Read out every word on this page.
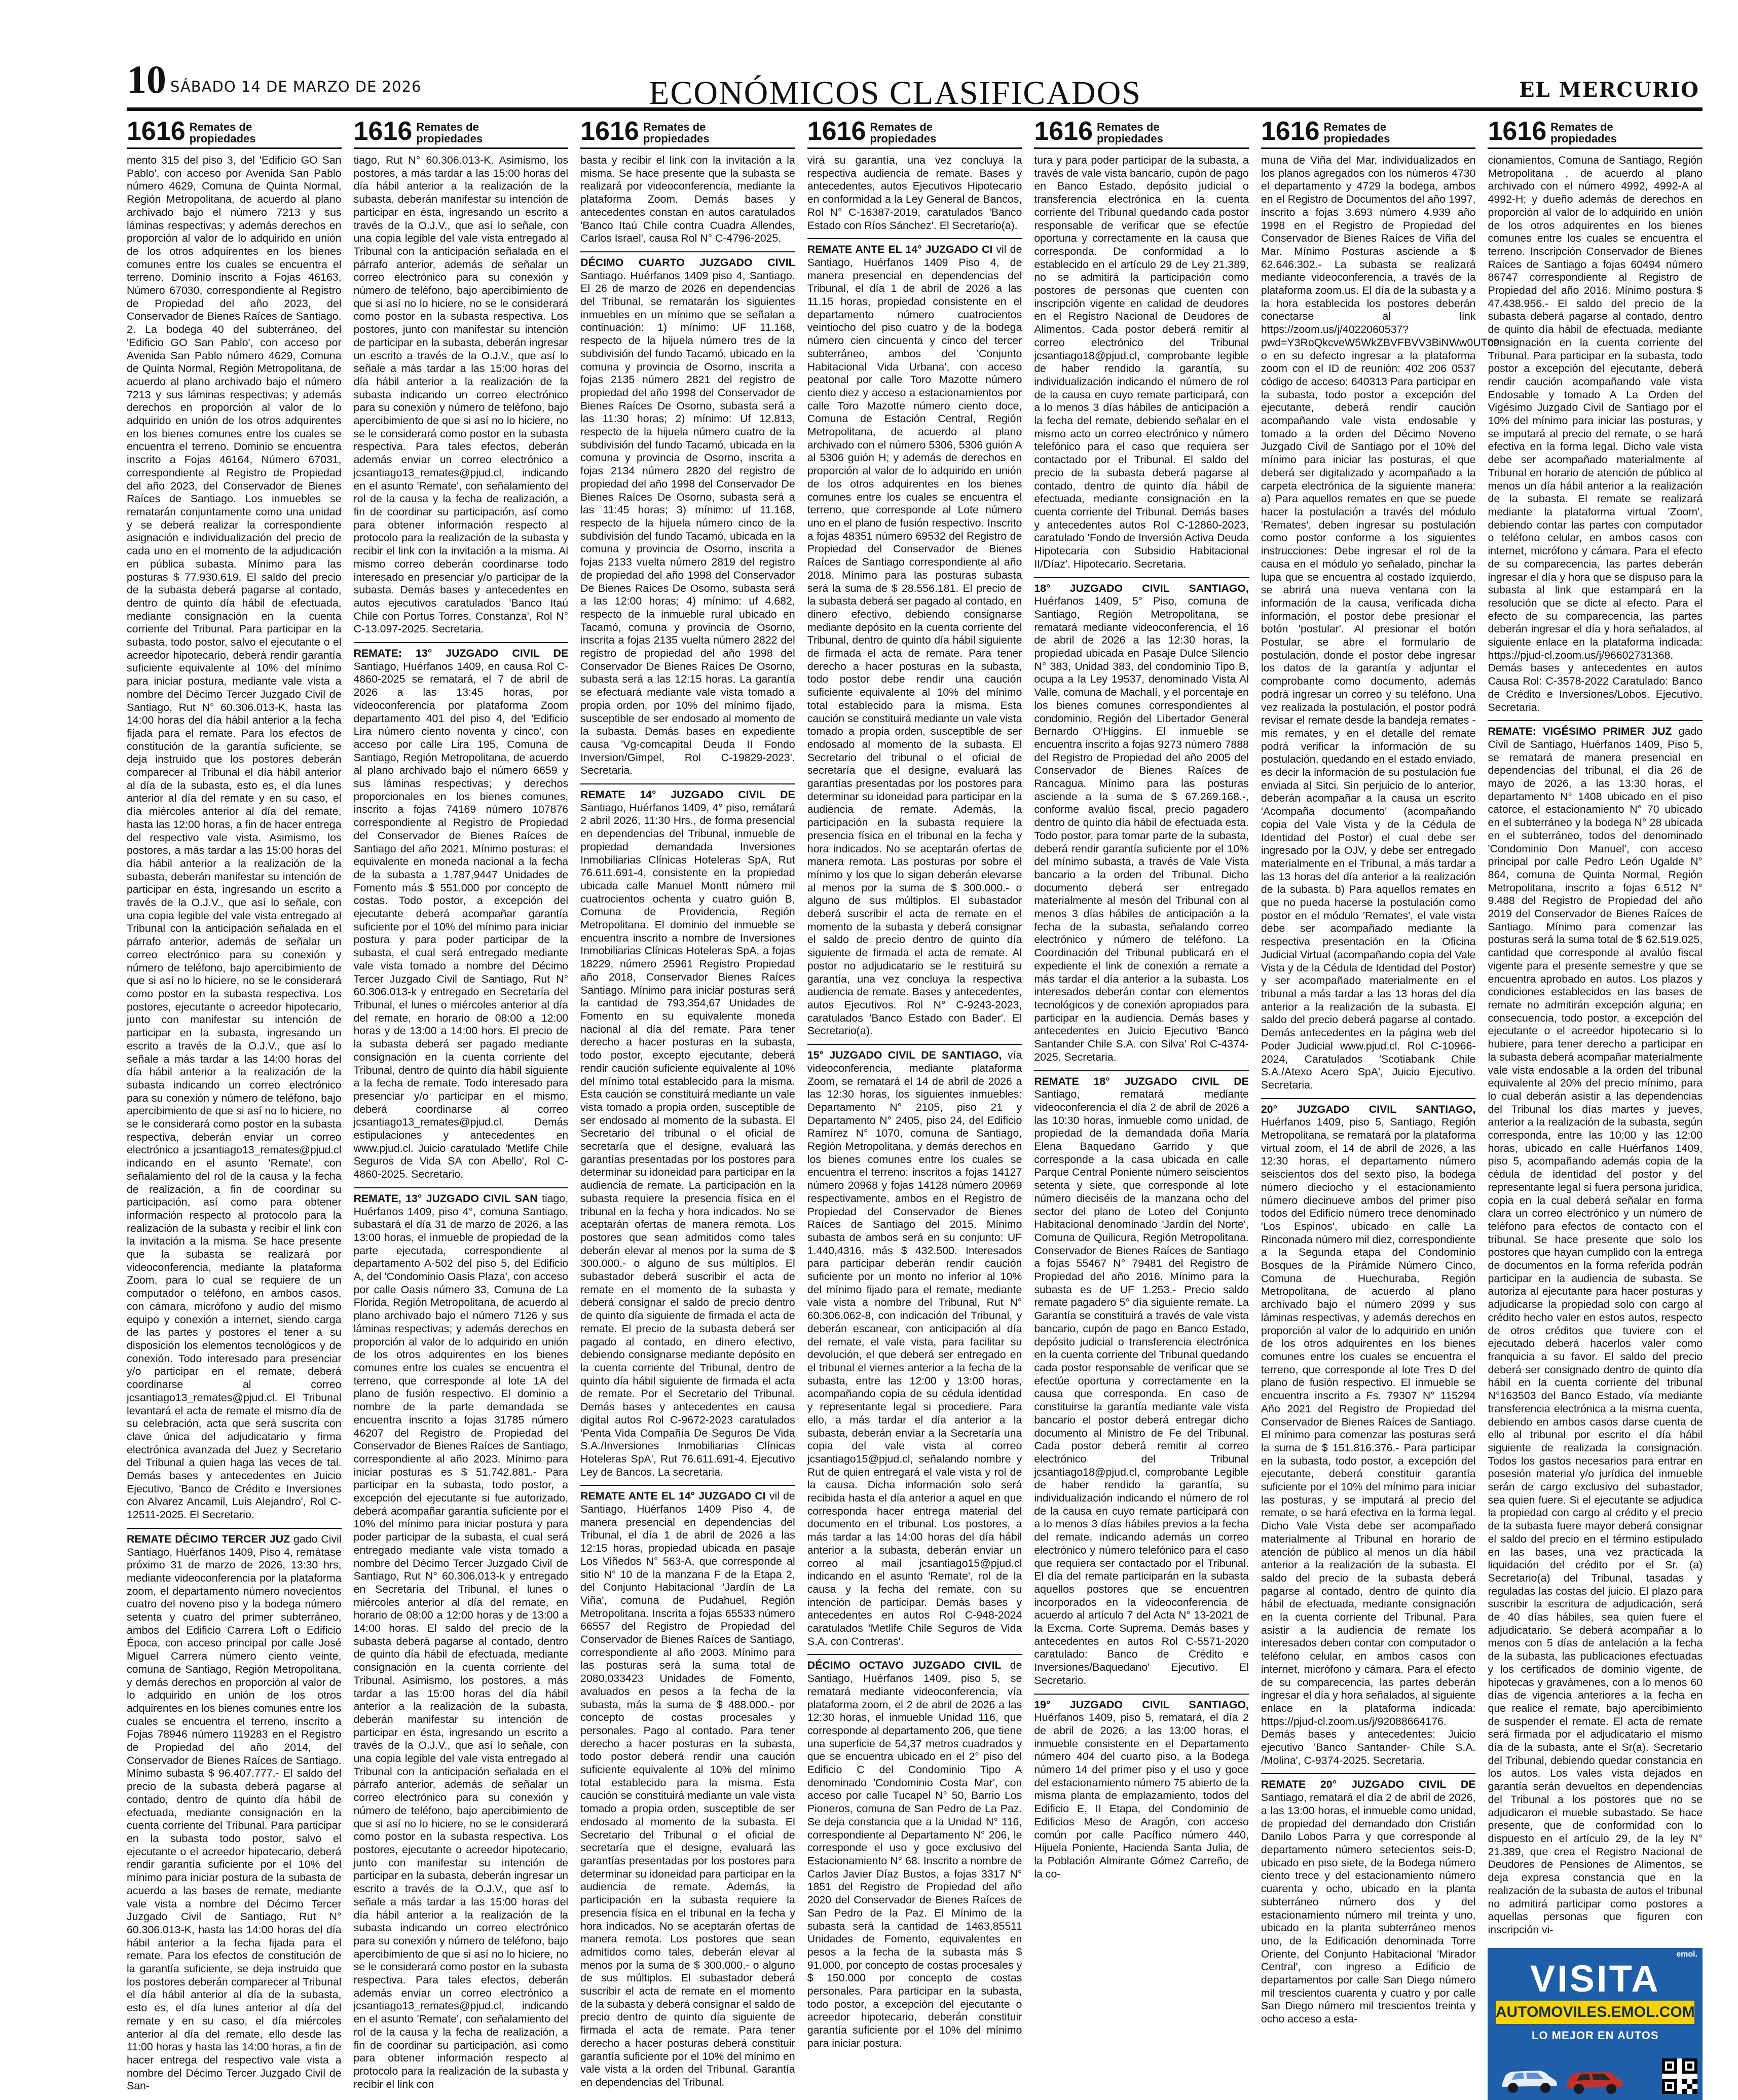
10 SÁBADO 14 DE MARZO DE 2026	ECONÓMICOS CLASIFICADOS	EL MERCURIO
1616 Remates de propiedades

mento 315 del piso 3, del 'Edificio GO San Pablo', con acceso por Avenida San Pablo número 4629, Comuna de Quinta Normal, Región Metropolitana, de acuerdo al plano archivado bajo el número 7213 y sus láminas respectivas; y además derechos en proporción al valor de lo adquirido en unión de los otros adquirentes en los bienes comunes entre los cuales se encuentra el terreno. Dominio inscrito a Fojas 46163, Número 67030, correspondiente al Registro de Propiedad del año 2023, del Conservador de Bienes Raíces de Santiago. 2. La bodega 40 del subterráneo, del 'Edificio GO San Pablo', con acceso por Avenida San Pablo número 4629, Comuna de Quinta Normal, Región Metropolitana, de acuerdo al plano archivado bajo el número 7213 y sus láminas respectivas; y además derechos en proporción al valor de lo adquirido en unión de los otros adquirentes en los bienes comunes entre los cuales se encuentra el terreno. Dominio se encuentra inscrito a Fojas 46164, Número 67031, correspondiente al Registro de Propiedad del año 2023, del Conservador de Bienes Raíces de Santiago. Los inmuebles se rematarán conjuntamente como una unidad y se deberá realizar la correspondiente asignación e individualización del precio de cada uno en el momento de la adjudicación en pública subasta. Mínimo para las posturas $ 77.930.619. El saldo del precio de la subasta deberá pagarse al contado, dentro de quinto día hábil de efectuada, mediante consignación en la cuenta corriente del Tribunal. Para participar en la subasta, todo postor, salvo el ejecutante o el acreedor hipotecario, deberá rendir garantía suficiente equivalente al 10% del mínimo para iniciar postura, mediante vale vista a nombre del Décimo Tercer Juzgado Civil de Santiago, Rut N° 60.306.013-K, hasta las 14:00 horas del día hábil anterior a la fecha fijada para el remate. Para los efectos de constitución de la garantía suficiente, se deja instruido que los postores deberán comparecer al Tribunal el día hábil anterior al día de la subasta, esto es, el día lunes anterior al día del remate y en su caso, el día miércoles anterior al día del remate, hasta las 12:00 horas, a fin de hacer entrega del respectivo vale vista. Asimismo, los postores, a más tardar a las 15:00 horas del día hábil anterior a la realización de la subasta, deberán manifestar su intención de participar en ésta, ingresando un escrito a través de la O.J.V., que así lo señale, con una copia legible del vale vista entregado al Tribunal con la anticipación señalada en el párrafo anterior, además de señalar un correo electrónico para su conexión y número de teléfono, bajo apercibimiento de que si así no lo hiciere, no se le considerará como postor en la subasta respectiva. Los postores, ejecutante o acreedor hipotecario, junto con manifestar su intención de participar en la subasta, ingresando un escrito a través de la O.J.V., que así lo señale a más tardar a las 14:00 horas del día hábil anterior a la realización de la subasta indicando un correo electrónico para su conexión y número de teléfono, bajo apercibimiento de que si así no lo hiciere, no se le considerará como postor en la subasta respectiva, deberán enviar un correo electrónico a jcsantiago13_remates@pjud.cl indicando en el asunto 'Remate', con señalamiento del rol de la causa y la fecha de realización, a fin de coordinar su participación, así como para obtener información respecto al protocolo para la realización de la subasta y recibir el link con la invitación a la misma. Se hace presente que la subasta se realizará por videoconferencia, mediante la plataforma Zoom, para lo cual se requiere de un computador o teléfono, en ambos casos, con cámara, micrófono y audio del mismo equipo y conexión a internet, siendo carga de las partes y postores el tener a su disposición los elementos tecnológicos y de conexión. Todo interesado para presenciar y/o participar en el remate, deberá coordinarse al correo jcsantiago13_remates@pjud.cl. El Tribunal levantará el acta de remate el mismo día de su celebración, acta que será suscrita con clave única del adjudicatario y firma electrónica avanzada del Juez y Secretario del Tribunal a quien haga las veces de tal. Demás bases y antecedentes en Juicio Ejecutivo, 'Banco de Crédito e Inversiones con Alvarez Ancamil, Luis Alejandro', Rol C-12511-2025. El Secretario.

REMATE DÉCIMO TERCER JUZ gado Civil Santiago, Huérfanos 1409, Piso 4, remátase próximo 31 de marzo de 2026, 13:30 hrs, mediante videoconferencia por la plataforma zoom, el departamento número novecientos cuatro del noveno piso y la bodega número setenta y cuatro del primer subterráneo, ambos del Edificio Carrera Loft o Edificio Época, con acceso principal por calle José Miguel Carrera número ciento veinte, comuna de Santiago, Región Metropolitana, y demás derechos en proporción al valor de lo adquirido en unión de los otros adquirentes en los bienes comunes entre los cuales se encuentra el terreno, inscrito a Fojas 78946 número 119283 en el Registro de Propiedad del año 2014, del Conservador de Bienes Raíces de Santiago. Mínimo subasta $ 96.407.777.- El saldo del precio de la subasta deberá pagarse al contado, dentro de quinto día hábil de efectuada, mediante consignación en la cuenta corriente del Tribunal. Para participar en la subasta todo postor, salvo el ejecutante o el acreedor hipotecario, deberá rendir garantía suficiente por el 10% del mínimo para iniciar postura de la subasta de acuerdo a las bases de remate, mediante vale vista a nombre del Décimo Tercer Juzgado Civil de Santiago, Rut N° 60.306.013-K, hasta las 14:00 horas del día hábil anterior a la fecha fijada para el remate. Para los efectos de constitución de la garantía suficiente, se deja instruido que los postores deberán comparecer al Tribunal el día hábil anterior al día de la subasta, esto es, el día lunes anterior al día del remate y en su caso, el día miércoles anterior al día del remate, ello desde las 11:00 horas y hasta las 14:00 horas, a fin de hacer entrega del respectivo vale vista a nombre del Décimo Tercer Juzgado Civil de San-

1616 Remates de propiedades

tiago, Rut N° 60.306.013-K. Asimismo, los postores, a más tardar a las 15:00 horas del día hábil anterior a la realización de la subasta, deberán manifestar su intención de participar en ésta, ingresando un escrito a través de la O.J.V., que así lo señale, con una copia legible del vale vista entregado al Tribunal con la anticipación señalada en el párrafo anterior, además de señalar un correo electrónico para su conexión y número de teléfono, bajo apercibimiento de que si así no lo hiciere, no se le considerará como postor en la subasta respectiva. Los postores, junto con manifestar su intención de participar en la subasta, deberán ingresar un escrito a través de la O.J.V., que así lo señale a más tardar a las 15:00 horas del día hábil anterior a la realización de la subasta indicando un correo electrónico para su conexión y número de teléfono, bajo apercibimiento de que si así no lo hiciere, no se le considerará como postor en la subasta respectiva. Para tales efectos, deberán además enviar un correo electrónico a jcsantiago13_remates@pjud.cl, indicando en el asunto 'Remate', con señalamiento del rol de la causa y la fecha de realización, a fin de coordinar su participación, así como para obtener información respecto al protocolo para la realización de la subasta y recibir el link con la invitación a la misma. Al mismo correo deberán coordinarse todo interesado en presenciar y/o participar de la subasta. Demás bases y antecedentes en autos ejecutivos caratulados 'Banco Itaú Chile con Portus Torres, Constanza', Rol N° C-13.097-2025. Secretaria.

REMATE: 13° JUZGADO CIVIL DE Santiago, Huérfanos 1409, en causa Rol C-4860-2025 se rematará, el 7 de abril de 2026 a las 13:45 horas, por videoconferencia por plataforma Zoom departamento 401 del piso 4, del 'Edificio Lira número ciento noventa y cinco', con acceso por calle Lira 195, Comuna de Santiago, Región Metropolitana, de acuerdo al plano archivado bajo el número 6659 y sus láminas respectivas; y derechos proporcionales en los bienes comunes, inscrito a fojas 74169 número 107876 correspondiente al Registro de Propiedad del Conservador de Bienes Raíces de Santiago del año 2021. Mínimo posturas: el equivalente en moneda nacional a la fecha de la subasta a 1.787,9447 Unidades de Fomento más $ 551.000 por concepto de costas. Todo postor, a excepción del ejecutante deberá acompañar garantía suficiente por el 10% del mínimo para iniciar postura y para poder participar de la subasta, el cual será entregado mediante vale vista tomado a nombre del Décimo Tercer Juzgado Civil de Santiago, Rut N° 60.306.013-k y entregado en Secretaría del Tribunal, el lunes o miércoles anterior al día del remate, en horario de 08:00 a 12:00 horas y de 13:00 a 14:00 hors. El precio de la subasta deberá ser pagado mediante consignación en la cuenta corriente del Tribunal, dentro de quinto día hábil siguiente a la fecha de remate. Todo interesado para presenciar y/o participar en el mismo, deberá coordinarse al correo jcsantiago13_remates@pjud.cl. Demás estipulaciones y antecedentes en www.pjud.cl. Juicio caratulado 'Metlife Chile Seguros de Vida SA con Abello', Rol C-4860-2025. Secretario.

REMATE, 13° JUZGADO CIVIL SAN tiago, Huérfanos 1409, piso 4°, comuna Santiago, subastará el día 31 de marzo de 2026, a las 13:00 horas, el inmueble de propiedad de la parte ejecutada, correspondiente al departamento A-502 del piso 5, del Edificio A, del 'Condominio Oasis Plaza', con acceso por calle Oasis número 33, Comuna de La Florida, Región Metropolitana, de acuerdo al plano archivado bajo el número 7126 y sus láminas respectivas; y además derechos en proporción al valor de lo adquirido en unión de los otros adquirentes en los bienes comunes entre los cuales se encuentra el terreno, que corresponde al lote 1A del plano de fusión respectivo. El dominio a nombre de la parte demandada se encuentra inscrito a fojas 31785 número 46207 del Registro de Propiedad del Conservador de Bienes Raíces de Santiago, correspondiente al año 2023. Mínimo para iniciar posturas es $ 51.742.881.- Para participar en la subasta, todo postor, a excepción del ejecutante si fue autorizado, deberá acompañar garantía suficiente por el 10% del mínimo para iniciar postura y para poder participar de la subasta, el cual será entregado mediante vale vista tomado a nombre del Décimo Tercer Juzgado Civil de Santiago, Rut N° 60.306.013-k y entregado en Secretaría del Tribunal, el lunes o miércoles anterior al día del remate, en horario de 08:00 a 12:00 horas y de 13:00 a 14:00 horas. El saldo del precio de la subasta deberá pagarse al contado, dentro de quinto día hábil de efectuada, mediante consignación en la cuenta corriente del Tribunal. Asimismo, los postores, a más tardar a las 15:00 horas del día hábil anterior a la realización de la subasta, deberán manifestar su intención de participar en ésta, ingresando un escrito a través de la O.J.V., que así lo señale, con una copia legible del vale vista entregado al Tribunal con la anticipación señalada en el párrafo anterior, además de señalar un correo electrónico para su conexión y número de teléfono, bajo apercibimiento de que si así no lo hiciere, no se le considerará como postor en la subasta respectiva. Los postores, ejecutante o acreedor hipotecario, junto con manifestar su intención de participar en la subasta, deberán ingresar un escrito a través de la O.J.V., que así lo señale a más tardar a las 15:00 horas del día hábil anterior a la realización de la subasta indicando un correo electrónico para su conexión y número de teléfono, bajo apercibimiento de que si así no lo hiciere, no se le considerará como postor en la subasta respectiva. Para tales efectos, deberán además enviar un correo electrónico a jcsantiago13_remates@pjud.cl, indicando en el asunto 'Remate', con señalamiento del rol de la causa y la fecha de realización, a fin de coordinar su participación, así como para obtener información respecto al protocolo para la realización de la subasta y recibir el link con

1616 Remates de propiedades

basta y recibir el link con la invitación a la misma. Se hace presente que la subasta se realizará por videoconferencia, mediante la plataforma Zoom. Demás bases y antecedentes constan en autos caratulados 'Banco Itaú Chile contra Cuadra Allendes, Carlos Israel', causa Rol N° C-4796-2025.

DÉCIMO CUARTO JUZGADO CIVIL Santiago. Huérfanos 1409 piso 4, Santiago. El 26 de marzo de 2026 en dependencias del Tribunal, se rematarán los siguientes inmuebles en un mínimo que se señalan a continuación: 1) mínimo: UF 11.168, respecto de la hijuela número tres de la subdivisión del fundo Tacamó, ubicado en la comuna y provincia de Osorno, inscrita a fojas 2135 número 2821 del registro de propiedad del año 1998 del Conservador de Bienes Raíces De Osorno, subasta será a las 11:30 horas; 2) mínimo: Uf 12.813, respecto de la hijuela número cuatro de la subdivisión del fundo Tacamó, ubicada en la comuna y provincia de Osorno, inscrita a fojas 2134 número 2820 del registro de propiedad del año 1998 del Conservador De Bienes Raíces De Osorno, subasta será a las 11:45 horas; 3) mínimo: uf 11.168, respecto de la hijuela número cinco de la subdivisión del fundo Tacamó, ubicada en la comuna y provincia de Osorno, inscrita a fojas 2133 vuelta número 2819 del registro de propiedad del año 1998 del Conservador De Bienes Raíces De Osorno, subasta será a las 12:00 horas; 4) mínimo: uf 4.682, respecto de la inmueble rural ubicado en Tacamó, comuna y provincia de Osorno, inscrita a fojas 2135 vuelta número 2822 del registro de propiedad del año 1998 del Conservador De Bienes Raíces De Osorno, subasta será a las 12:15 horas. La garantía se efectuará mediante vale vista tomado a propia orden, por 10% del mínimo fijado, susceptible de ser endosado al momento de la subasta. Demás bases en expediente causa 'Vg-comcapital Deuda II Fondo Inversion/Gimpel, Rol C-19829-2023'. Secretaria.

REMATE 14° JUZGADO CIVIL DE Santiago, Huérfanos 1409, 4° piso, remátará 2 abril 2026, 11:30 Hrs., de forma presencial en dependencias del Tribunal, inmueble de propiedad demandada Inversiones Inmobiliarias Clínicas Hoteleras SpA, Rut 76.611.691-4, consistente en la propiedad ubicada calle Manuel Montt número mil cuatrocientos ochenta y cuatro guión B, Comuna de Providencia, Región Metropolitana. El dominio del inmueble se encuentra inscrito a nombre de Inversiones Inmobiliarias Clínicas Hoteleras SpA, a fojas 18229, número 25961 Registro Propiedad año 2018, Conservador Bienes Raíces Santiago. Mínimo para iniciar posturas será la cantidad de 793.354,67 Unidades de Fomento en su equivalente moneda nacional al día del remate. Para tener derecho a hacer posturas en la subasta, todo postor, excepto ejecutante, deberá rendir caución suficiente equivalente al 10% del mínimo total establecido para la misma. Esta caución se constituirá mediante un vale vista tomado a propia orden, susceptible de ser endosado al momento de la subasta. El Secretario del tribunal o el oficial de secretaría que el designe, evaluará las garantías presentadas por los postores para determinar su idoneidad para participar en la audiencia de remate. La participación en la subasta requiere la presencia física en el tribunal en la fecha y hora indicados. No se aceptarán ofertas de manera remota. Los postores que sean admitidos como tales deberán elevar al menos por la suma de $ 300.000.- o alguno de sus múltiplos. El subastador deberá suscribir el acta de remate en el momento de la subasta y deberá consignar el saldo de precio dentro de quinto día siguiente de firmada el acta de remate. El precio de la subasta deberá ser pagado al contado, en dinero efectivo, debiendo consignarse mediante depósito en la cuenta corriente del Tribunal, dentro de quinto día hábil siguiente de firmada el acta de remate. Por el Secretario del Tribunal. Demás bases y antecedentes en causa digital autos Rol C-9672-2023 caratulados 'Penta Vida Compañía De Seguros De Vida S.A./Inversiones Inmobiliarias Clínicas Hoteleras SpA', Rut 76.611.691-4. Ejecutivo Ley de Bancos. La secretaria.

REMATE ANTE EL 14° JUZGADO CI vil de Santiago, Huérfanos 1409 Piso 4, de manera presencial en dependencias del Tribunal, el día 1 de abril de 2026 a las 12:15 horas, propiedad ubicada en pasaje Los Viñedos N° 563-A, que corresponde al sitio N° 10 de la manzana F de la Etapa 2, del Conjunto Habitacional 'Jardín de La Viña', comuna de Pudahuel, Región Metropolitana. Inscrita a fojas 65533 número 66557 del Registro de Propiedad del Conservador de Bienes Raíces de Santiago, correspondiente al año 2003. Mínimo para las posturas será la suma total de 2080,033423 Unidades de Fomento, avaluados en pesos a la fecha de la subasta, más la suma de $ 488.000.- por concepto de costas procesales y personales. Pago al contado. Para tener derecho a hacer posturas en la subasta, todo postor deberá rendir una caución suficiente equivalente al 10% del mínimo total establecido para la misma. Esta caución se constituirá mediante un vale vista tomado a propia orden, susceptible de ser endosado al momento de la subasta. El Secretario del Tribunal o el oficial de secretaría que el designe, evaluará las garantías presentadas por los postores para determinar su idoneidad para participar en la audiencia de remate. Además, la participación en la subasta requiere la presencia física en el tribunal en la fecha y hora indicados. No se aceptarán ofertas de manera remota. Los postores que sean admitidos como tales, deberán elevar al menos por la suma de $ 300.000.- o alguno de sus múltiplos. El subastador deberá suscribir el acta de remate en el momento de la subasta y deberá consignar el saldo de precio dentro de quinto día siguiente de firmada el acta de remate. Para tener derecho a hacer posturas deberá constituir garantía suficiente por el 10% del mínimo en vale vista a la orden del Tribunal. Garantía en dependencias del Tribunal.

1616 Remates de propiedades

virá su garantía, una vez concluya la respectiva audiencia de remate. Bases y antecedentes, autos Ejecutivos Hipotecario en conformidad a la Ley General de Bancos, Rol N° C-16387-2019, caratulados 'Banco Estado con Ríos Sánchez'. El Secretario(a).

REMATE ANTE EL 14° JUZGADO CI vil de Santiago, Huérfanos 1409 Piso 4, de manera presencial en dependencias del Tribunal, el día 1 de abril de 2026 a las 11.15 horas, propiedad consistente en el departamento número cuatrocientos veintiocho del piso cuatro y de la bodega número cien cincuenta y cinco del tercer subterráneo, ambos del 'Conjunto Habitacional Vida Urbana', con acceso peatonal por calle Toro Mazotte número ciento diez y acceso a estacionamientos por calle Toro Mazotte número ciento doce, Comuna de Estación Central, Región Metropolitana, de acuerdo al plano archivado con el número 5306, 5306 guión A al 5306 guión H; y además de derechos en proporción al valor de lo adquirido en unión de los otros adquirentes en los bienes comunes entre los cuales se encuentra el terreno, que corresponde al Lote número uno en el plano de fusión respectivo. Inscrito a fojas 48351 número 69532 del Registro de Propiedad del Conservador de Bienes Raíces de Santiago correspondiente al año 2018. Mínimo para las posturas subasta será la suma de $ 28.556.181. El precio de la subasta deberá ser pagado al contado, en dinero efectivo, debiendo consignarse mediante depósito en la cuenta corriente del Tribunal, dentro de quinto día hábil siguiente de firmada el acta de remate. Para tener derecho a hacer posturas en la subasta, todo postor debe rendir una caución suficiente equivalente al 10% del mínimo total establecido para la misma. Esta caución se constituirá mediante un vale vista tomado a propia orden, susceptible de ser endosado al momento de la subasta. El Secretario del tribunal o el oficial de secretaría que el designe, evaluará las garantías presentadas por los postores para determinar su idoneidad para participar en la audiencia de remate. Además, la participación en la subasta requiere la presencia física en el tribunal en la fecha y hora indicados. No se aceptarán ofertas de manera remota. Las posturas por sobre el mínimo y los que lo sigan deberán elevarse al menos por la suma de $ 300.000.- o alguno de sus múltiplos. El subastador deberá suscribir el acta de remate en el momento de la subasta y deberá consignar el saldo de precio dentro de quinto día siguiente de firmada el acta de remate. Al postor no adjudicatario se le restituirá su garantía, una vez concluya la respectiva audiencia de remate. Bases y antecedentes, autos Ejecutivos. Rol N° C-9243-2023, caratulados 'Banco Estado con Bader'. El Secretario(a).

15° JUZGADO CIVIL DE SANTIAGO, vía videoconferencia, mediante plataforma Zoom, se rematará el 14 de abril de 2026 a las 12:30 horas, los siguientes inmuebles: Departamento N° 2105, piso 21 y Departamento N° 2405, piso 24, del Edificio Ramírez N° 1070, comuna de Santiago, Región Metropolitana, y demás derechos en los bienes comunes entre los cuales se encuentra el terreno; inscritos a fojas 14127 número 20968 y fojas 14128 número 20969 respectivamente, ambos en el Registro de Propiedad del Conservador de Bienes Raíces de Santiago del 2015. Mínimo subasta de ambos será en su conjunto: UF 1.440,4316, más $ 432.500. Interesados para participar deberán rendir caución suficiente por un monto no inferior al 10% del mínimo fijado para el remate, mediante vale vista a nombre del Tribunal, Rut N° 60.306.062-8, con indicación del Tribunal, y deberán escanear, con anticipación al día del remate, el vale vista, para facilitar su devolución, el que deberá ser entregado en el tribunal el viernes anterior a la fecha de la subasta, entre las 12:00 y 13:00 horas, acompañando copia de su cédula identidad y representante legal si procediere. Para ello, a más tardar el día anterior a la subasta, deberán enviar a la Secretaría una copia del vale vista al correo jcsantiago15@pjud.cl, señalando nombre y Rut de quien entregará el vale vista y rol de la causa. Dicha información solo será recibida hasta el día anterior a aquel en que corresponda hacer entrega material del documento en el tribunal. Los postores, a más tardar a las 14:00 horas del día hábil anterior a la subasta, deberán enviar un correo al mail jcsantiago15@pjud.cl indicando en el asunto 'Remate', rol de la causa y la fecha del remate, con su intención de participar. Demás bases y antecedentes en autos Rol C-948-2024 caratulados 'Metlife Chile Seguros de Vida S.A. con Contreras'.

DÉCIMO OCTAVO JUZGADO CIVIL de Santiago, Huérfanos 1409, piso 5, se rematará mediante videoconferencia, vía plataforma zoom, el 2 de abril de 2026 a las 12:30 horas, el inmueble Unidad 116, que corresponde al departamento 206, que tiene una superficie de 54,37 metros cuadrados y que se encuentra ubicado en el 2° piso del Edificio C del Condominio Tipo A denominado 'Condominio Costa Mar', con acceso por calle Tucapel N° 50, Barrio Los Pioneros, comuna de San Pedro de La Paz. Se deja constancia que a la Unidad N° 116, correspondiente al Departamento N° 206, le corresponde el uso y goce exclusivo del Estacionamiento N° 68. Inscrito a nombre de Carlos Javier Díaz Bustos, a fojas 3317 N° 1851 del Registro de Propiedad del año 2020 del Conservador de Bienes Raíces de San Pedro de la Paz. El Mínimo de la subasta será la cantidad de 1463,85511 Unidades de Fomento, equivalentes en pesos a la fecha de la subasta más $ 91.000, por concepto de costas procesales y $ 150.000 por concepto de costas personales. Para participar en la subasta, todo postor, a excepción del ejecutante o acreedor hipotecario, deberán constituir garantía suficiente por el 10% del mínimo para iniciar postura.

1616 Remates de propiedades

tura y para poder participar de la subasta, a través de vale vista bancario, cupón de pago en Banco Estado, depósito judicial o transferencia electrónica en la cuenta corriente del Tribunal quedando cada postor responsable de verificar que se efectúe oportuna y correctamente en la causa que corresponda. De conformidad a lo establecido en el artículo 29 de Ley 21.389, no se admitirá la participación como postores de personas que cuenten con inscripción vigente en calidad de deudores en el Registro Nacional de Deudores de Alimentos. Cada postor deberá remitir al correo electrónico del Tribunal jcsantiago18@pjud.cl, comprobante legible de haber rendido la garantía, su individualización indicando el número de rol de la causa en cuyo remate participará, con a lo menos 3 días hábiles de anticipación a la fecha del remate, debiendo señalar en el mismo acto un correo electrónico y número telefónico para el caso que requiera ser contactado por el Tribunal. El saldo del precio de la subasta deberá pagarse al contado, dentro de quinto día hábil de efectuada, mediante consignación en la cuenta corriente del Tribunal. Demás bases y antecedentes autos Rol C-12860-2023, caratulado 'Fondo de Inversión Activa Deuda Hipotecaria con Subsidio Habitacional II/Díaz'. Hipotecario. Secretaria.

18° JUZGADO CIVIL SANTIAGO, Huérfanos 1409, 5° Piso, comuna de Santiago, Región Metropolitana, se rematará mediante videoconferencia, el 16 de abril de 2026 a las 12:30 horas, la propiedad ubicada en Pasaje Dulce Silencio N° 383, Unidad 383, del condominio Tipo B, ocupa a la Ley 19537, denominado Vista Al Valle, comuna de Machalí, y el porcentaje en los bienes comunes correspondientes al condominio, Región del Libertador General Bernardo O'Higgins. El inmueble se encuentra inscrito a fojas 9273 número 7888 del Registro de Propiedad del año 2005 del Conservador de Bienes Raíces de Rancagua. Mínimo para las posturas asciende a la suma de $ 67.269.168.-, conforme avalúo fiscal, precio pagadero dentro de quinto día hábil de efectuada esta. Todo postor, para tomar parte de la subasta, deberá rendir garantía suficiente por el 10% del mínimo subasta, a través de Vale Vista bancario a la orden del Tribunal. Dicho documento deberá ser entregado materialmente al mesón del Tribunal con al menos 3 días hábiles de anticipación a la fecha de la subasta, señalando correo electrónico y número de teléfono. La Coordinación del Tribunal publicará en el expediente el link de conexión a remate a más tardar el día anterior a la subasta. Los interesados deberán contar con elementos tecnológicos y de conexión apropiados para participar en la audiencia. Demás bases y antecedentes en Juicio Ejecutivo 'Banco Santander Chile S.A. con Silva' Rol C-4374-2025. Secretaria.

REMATE 18° JUZGADO CIVIL DE Santiago, rematará mediante videoconferencia el día 2 de abril de 2026 a las 10:30 horas, inmueble como unidad, de propiedad de la demandada doña María Elena Baquedano Garrido y que corresponde a la casa ubicada en calle Parque Central Poniente número seiscientos setenta y siete, que corresponde al lote número dieciséis de la manzana ocho del sector del plano de Loteo del Conjunto Habitacional denominado 'Jardín del Norte', Comuna de Quilicura, Región Metropolitana. Conservador de Bienes Raíces de Santiago a fojas 55467 N° 79481 del Registro de Propiedad del año 2016. Mínimo para la subasta es de UF 1.253.- Precio saldo remate pagadero 5° día siguiente remate. La Garantía se constituirá a través de vale vista bancario, cupón de pago en Banco Estado, depósito judicial o transferencia electrónica en la cuenta corriente del Tribunal quedando cada postor responsable de verificar que se efectúe oportuna y correctamente en la causa que corresponda. En caso de constituirse la garantía mediante vale vista bancario el postor deberá entregar dicho documento al Ministro de Fe del Tribunal. Cada postor deberá remitir al correo electrónico del Tribunal jcsantiago18@pjud.cl, comprobante Legible de haber rendido la garantía, su individualización indicando el número de rol de la causa en cuyo remate participará con a lo menos 3 días hábiles previos a la fecha del remate, indicando además un correo electrónico y número telefónico para el caso que requiera ser contactado por el Tribunal. El día del remate participarán en la subasta aquellos postores que se encuentren incorporados en la videoconferencia de acuerdo al artículo 7 del Acta N° 13-2021 de la Excma. Corte Suprema. Demás bases y antecedentes en autos Rol C-5571-2020 caratulado: Banco de Crédito e Inversiones/Baquedano' Ejecutivo. El Secretario.

19° JUZGADO CIVIL SANTIAGO, Huérfanos 1409, piso 5, rematará, el día 2 de abril de 2026, a las 13:00 horas, el inmueble consistente en el Departamento número 404 del cuarto piso, a la Bodega número 14 del primer piso y el uso y goce del estacionamiento número 75 abierto de la misma planta de emplazamiento, todos del Edificio E, II Etapa, del Condominio de Edificios Meso de Aragón, con acceso común por calle Pacífico número 440, Hijuela Poniente, Hacienda Santa Julia, de la Población Almirante Gómez Carreño, de la co-

1616 Remates de propiedades

muna de Viña del Mar, individualizados en los planos agregados con los números 4730 el departamento y 4729 la bodega, ambos en el Registro de Documentos del año 1997, inscrito a fojas 3.693 número 4.939 año 1998 en el Registro de Propiedad del Conservador de Bienes Raíces de Viña del Mar. Mínimo Posturas asciende a $ 62.646.302.- La subasta se realizará mediante videoconferencia, a través de la plataforma zoom.us. El día de la subasta y a la hora establecida los postores deberán conectarse al link https://zoom.us/j/4022060537?pwd=Y3RoQkcveW5WkZBVFBVV3BiNWw0UT09 o en su defecto ingresar a la plataforma zoom con el ID de reunión: 402 206 0537 código de acceso: 640313 Para participar en la subasta, todo postor a excepción del ejecutante, deberá rendir caución acompañando vale vista endosable y tomado a la orden del Décimo Noveno Juzgado Civil de Santiago por el 10% del mínimo para iniciar las posturas, el que deberá ser digitalizado y acompañado a la carpeta electrónica de la siguiente manera: a) Para aquellos remates en que se puede hacer la postulación a través del módulo 'Remates', deben ingresar su postulación como postor conforme a los siguientes instrucciones: Debe ingresar el rol de la causa en el módulo yo señalado, pinchar la lupa que se encuentra al costado izquierdo, se abrirá una nueva ventana con la información de la causa, verificada dicha información, el postor debe presionar el botón 'postular'. Al presionar el botón Postular, se abre el formulario de postulación, donde el postor debe ingresar los datos de la garantía y adjuntar el comprobante como documento, además podrá ingresar un correo y su teléfono. Una vez realizada la postulación, el postor podrá revisar el remate desde la bandeja remates - mis remates, y en el detalle del remate podrá verificar la información de su postulación, quedando en el estado enviado, es decir la información de su postulación fue enviada al Sitci. Sin perjuicio de lo anterior, deberán acompañar a la causa un escrito 'Acompaña documento' (acompañando copia del Vale Vista y de la Cédula de Identidad del Postor) el cual debe ser ingresado por la OJV, y debe ser entregado materialmente en el Tribunal, a más tardar a las 13 horas del día anterior a la realización de la subasta. b) Para aquellos remates en que no pueda hacerse la postulación como postor en el módulo 'Remates', el vale vista debe ser acompañado mediante la respectiva presentación en la Oficina Judicial Virtual (acompañando copia del Vale Vista y de la Cédula de Identidad del Postor) y ser acompañado materialmente en el tribunal a más tardar a las 13 horas del día anterior a la realización de la subasta. El saldo del precio deberá pagarse al contado. Demás antecedentes en la página web del Poder Judicial www.pjud.cl. Rol C-10966-2024, Caratulados 'Scotiabank Chile S.A./Atexo Acero SpA', Juicio Ejecutivo. Secretaria.

20° JUZGADO CIVIL SANTIAGO, Huérfanos 1409, piso 5, Santiago, Región Metropolitana, se rematará por la plataforma virtual zoom, el 14 de abril de 2026, a las 12:30 horas, el departamento número seiscientos dos del sexto piso, la bodega número dieciocho y el estacionamiento número diecinueve ambos del primer piso todos del Edificio número trece denominado 'Los Espinos', ubicado en calle La Rinconada número mil diez, correspondiente a la Segunda etapa del Condominio Bosques de la Pirámide Número Cinco, Comuna de Huechuraba, Región Metropolitana, de acuerdo al plano archivado bajo el número 2099 y sus láminas respectivas, y además derechos en proporción al valor de lo adquirido en unión de los otros adquirentes en los bienes comunes entre los cuales se encuentra el terreno, que corresponde al lote Tres D del plano de fusión respectivo. El inmueble se encuentra inscrito a Fs. 79307 N° 115294 Año 2021 del Registro de Propiedad del Conservador de Bienes Raíces de Santiago. El mínimo para comenzar las posturas será la suma de $ 151.816.376.- Para participar en la subasta, todo postor, a excepción del ejecutante, deberá constituir garantía suficiente por el 10% del mínimo para iniciar las posturas, y se imputará al precio del remate, o se hará efectiva en la forma legal. Dicho Vale Vista debe ser acompañado materialmente al Tribunal en horario de atención de público al menos un día hábil anterior a la realización de la subasta. El saldo del precio de la subasta deberá pagarse al contado, dentro de quinto día hábil de efectuada, mediante consignación en la cuenta corriente del Tribunal. Para asistir a la audiencia de remate los interesados deben contar con computador o teléfono celular, en ambos casos con internet, micrófono y cámara. Para el efecto de su comparecencia, las partes deberán ingresar el día y hora señalados, al siguiente enlace en la plataforma indicada: https://pjud-cl.zoom.us/j/92088664176. Demás bases y antecedentes: Juicio ejecutivo 'Banco Santander- Chile S.A. /Molina', C-9374-2025. Secretaria.

REMATE 20° JUZGADO CIVIL DE Santiago, rematará el día 2 de abril de 2026, a las 13:00 horas, el inmueble como unidad, de propiedad del demandado don Cristián Danilo Lobos Parra y que corresponde al departamento número setecientos seis-D, ubicado en piso siete, de la Bodega número ciento trece y del estacionamiento número cuarenta y ocho, ubicado en la planta subterráneo número dos y del estacionamiento número mil treinta y uno, ubicado en la planta subterráneo menos uno, de la Edificación denominada Torre Oriente, del Conjunto Habitacional 'Mirador Central', con ingreso a Edificio de departamentos por calle San Diego número mil trescientos cuarenta y cuatro y por calle San Diego número mil trescientos treinta y ocho acceso a esta-

1616 Remates de propiedades

cionamientos, Comuna de Santiago, Región Metropolitana , de acuerdo al plano archivado con el número 4992, 4992-A al 4992-H; y dueño además de derechos en proporción al valor de lo adquirido en unión de los otros adquirentes en los bienes comunes entre los cuales se encuentra el terreno. Inscripción Conservador de Bienes Raíces de Santiago a fojas 60494 número 86747 correspondiente al Registro de Propiedad del año 2016. Mínimo postura $ 47.438.956.- El saldo del precio de la subasta deberá pagarse al contado, dentro de quinto día hábil de efectuada, mediante consignación en la cuenta corriente del Tribunal. Para participar en la subasta, todo postor a excepción del ejecutante, deberá rendir caución acompañando vale vista Endosable y tomado A La Orden del Vigésimo Juzgado Civil de Santiago por el 10% del mínimo para iniciar las posturas, y se imputará al precio del remate, o se hará efectiva en la forma legal. Dicho vale vista debe ser acompañado materialmente al Tribunal en horario de atención de público al menos un día hábil anterior a la realización de la subasta. El remate se realizará mediante la plataforma virtual 'Zoom', debiendo contar las partes con computador o teléfono celular, en ambos casos con internet, micrófono y cámara. Para el efecto de su comparecencia, las partes deberán ingresar el día y hora que se dispuso para la subasta al link que estampará en la resolución que se dicte al efecto. Para el efecto de su comparecencia, las partes deberán ingresar el día y hora señalados, al siguiente enlace en la plataforma indicada: https://pjud-cl.zoom.us/j/96602731368. Demás bases y antecedentes en autos Causa Rol: C-3578-2022 Caratulado: Banco de Crédito e Inversiones/Lobos. Ejecutivo. Secretaria.

REMATE: VIGÉSIMO PRIMER JUZ gado Civil de Santiago, Huérfanos 1409, Piso 5, se rematará de manera presencial en dependencias del tribunal, el día 26 de mayo de 2026, a las 13:30 horas, el departamento N° 1408 ubicado en el piso catorce, el estacionamiento N° 70 ubicado en el subterráneo y la bodega N° 28 ubicada en el subterráneo, todos del denominado 'Condominio Don Manuel', con acceso principal por calle Pedro León Ugalde N° 864, comuna de Quinta Normal, Región Metropolitana, inscrito a fojas 6.512 N° 9.488 del Registro de Propiedad del año 2019 del Conservador de Bienes Raíces de Santiago. Mínimo para comenzar las posturas será la suma total de $ 62.519.025, cantidad que corresponde al avalúo fiscal vigente para el presente semestre y que se encuentra aprobado en autos. Los plazos y condiciones establecidos en las bases de remate no admitirán excepción alguna; en consecuencia, todo postor, a excepción del ejecutante o el acreedor hipotecario si lo hubiere, para tener derecho a participar en la subasta deberá acompañar materialmente vale vista endosable a la orden del tribunal equivalente al 20% del precio mínimo, para lo cual deberán asistir a las dependencias del Tribunal los días martes y jueves, anterior a la realización de la subasta, según corresponda, entre las 10:00 y las 12:00 horas, ubicado en calle Huérfanos 1409, piso 5, acompañando además copia de la cédula de identidad del postor y del representante legal si fuera persona jurídica, copia en la cual deberá señalar en forma clara un correo electrónico y un número de teléfono para efectos de contacto con el tribunal. Se hace presente que solo los postores que hayan cumplido con la entrega de documentos en la forma referida podrán participar en la audiencia de subasta. Se autoriza al ejecutante para hacer posturas y adjudicarse la propiedad solo con cargo al crédito hecho valer en estos autos, respecto de otros créditos que tuviere con el ejecutado deberá hacerlos valer como franquicia a su favor. El saldo del precio deberá ser consignado dentro de quinto día hábil en la cuenta corriente del tribunal N°163503 del Banco Estado, vía mediante transferencia electrónica a la misma cuenta, debiendo en ambos casos darse cuenta de ello al tribunal por escrito el día hábil siguiente de realizada la consignación. Todos los gastos necesarios para entrar en posesión material y/o jurídica del inmueble serán de cargo exclusivo del subastador, sea quien fuere. Si el ejecutante se adjudica la propiedad con cargo al crédito y el precio de la subasta fuere mayor deberá consignar el saldo del precio en el término estipulado en las bases, una vez practicada la liquidación del crédito por el Sr. (a) Secretario(a) del Tribunal, tasadas y reguladas las costas del juicio. El plazo para suscribir la escritura de adjudicación, será de 40 días hábiles, sea quien fuere el adjudicatario. Se deberá acompañar a lo menos con 5 días de antelación a la fecha de la subasta, las publicaciones efectuadas y los certificados de dominio vigente, de hipotecas y gravámenes, con a lo menos 60 días de vigencia anteriores a la fecha en que realice el remate, bajo apercibimiento de suspender el remate. El acta de remate será firmada por el adjudicatario el mismo día de la subasta, ante el Sr(a). Secretario del Tribunal, debiendo quedar constancia en los autos. Los vales vista dejados en garantía serán devueltos en dependencias del Tribunal a los postores que no se adjudicaron el mueble subastado. Se hace presente, que de conformidad con lo dispuesto en el artículo 29, de la ley N° 21.389, que crea el Registro Nacional de Deudores de Pensiones de Alimentos, se deja expresa constancia que en la realización de la subasta de autos el tribunal no admitirá participar como postores a aquellas personas que figuren con inscripción vi-

emol.
VISITA
AUTOMOVILES.EMOL.COM
LO MEJOR EN AUTOS
